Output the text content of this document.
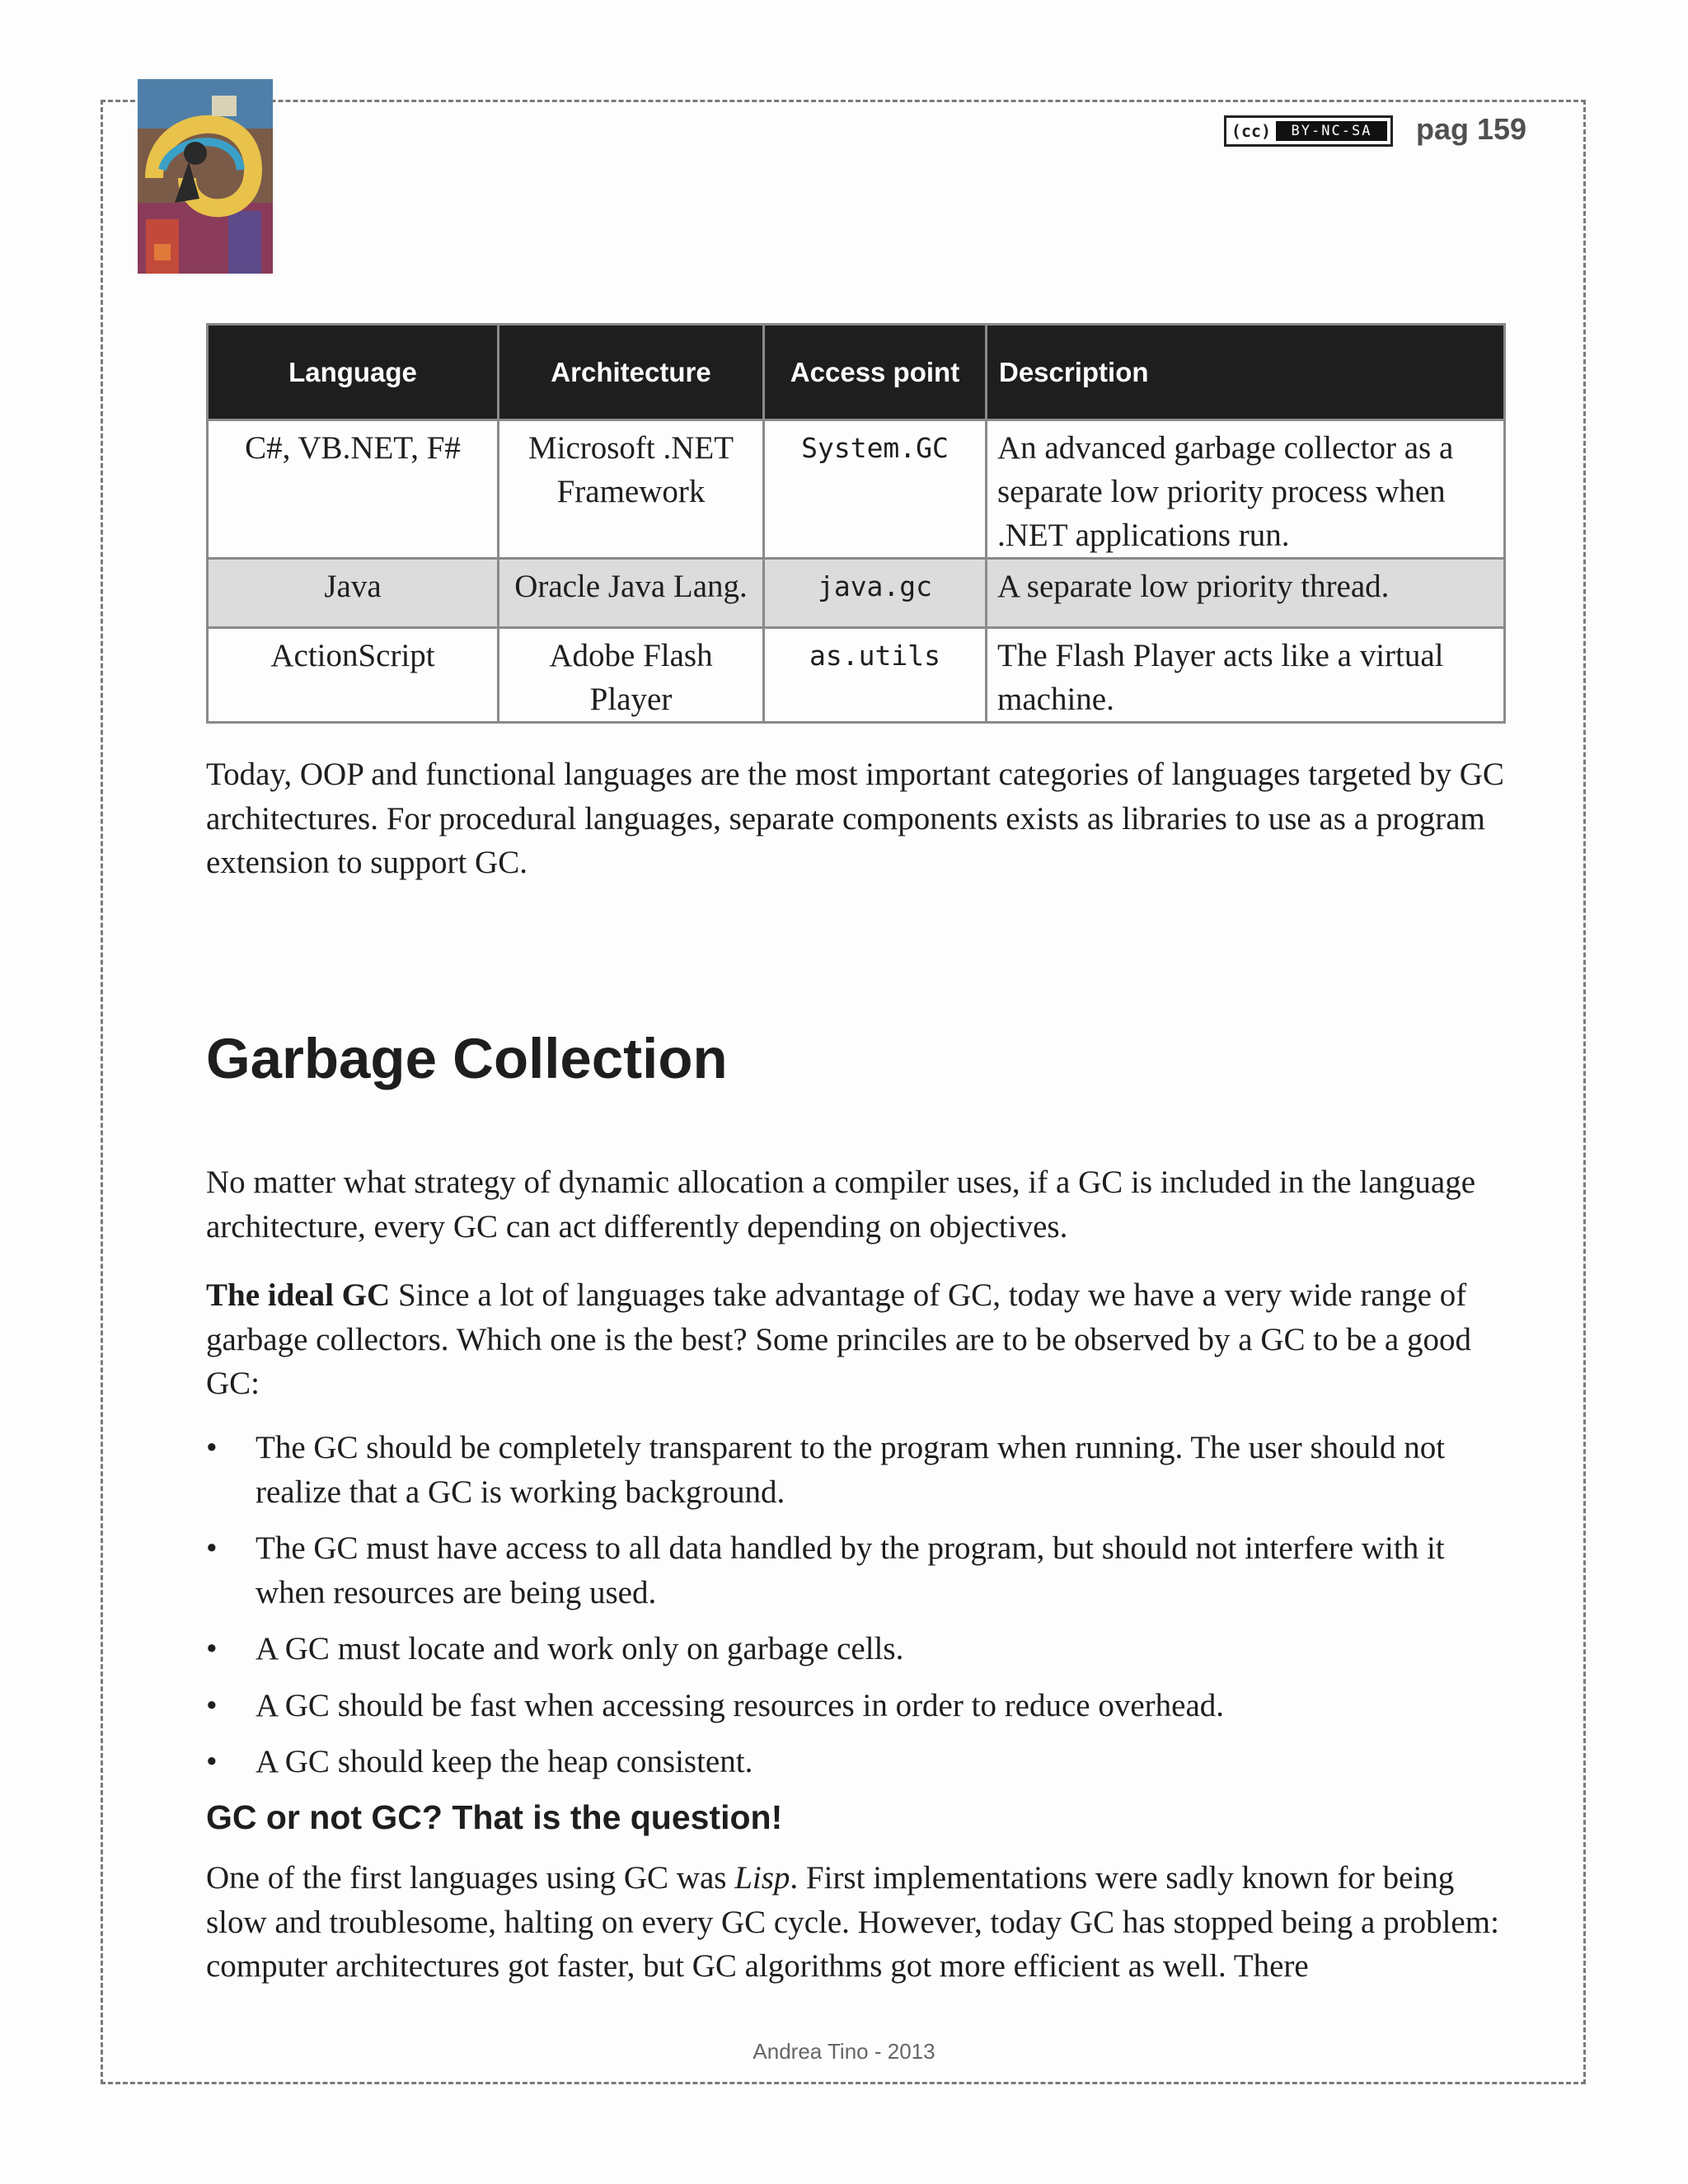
(cc)	BY-NC-SA	pag 159
Language	Architecture	Access point	Description
C#, VB.NET, F#	Microsoft .NET Framework	System.GC	An advanced garbage collector as a separate low priority process when .NET applications run.
Java	Oracle Java Lang.	java.gc	A separate low priority thread.
ActionScript	Adobe Flash Player	as.utils	The Flash Player acts like a virtual machine.

Today, OOP and functional languages are the most important categories of languages targeted by GC architectures. For procedural languages, separate components exists as libraries to use as a program extension to support GC.

Garbage Collection

No matter what strategy of dynamic allocation a compiler uses, if a GC is included in the language architecture, every GC can act differently depending on objectives.

The ideal GC Since a lot of languages take advantage of GC, today we have a very wide range of garbage collectors. Which one is the best? Some princiles are to be observed by a GC to be a good GC:

• The GC should be completely transparent to the program when running. The user should not realize that a GC is working background.
• The GC must have access to all data handled by the program, but should not interfere with it when resources are being used.
• A GC must locate and work only on garbage cells.
• A GC should be fast when accessing resources in order to reduce overhead.
• A GC should keep the heap consistent.
GC or not GC? That is the question!

One of the first languages using GC was Lisp. First implementations were sadly known for being slow and troublesome, halting on every GC cycle. However, today GC has stopped being a problem: computer architectures got faster, but GC algorithms got more efficient as well. There

Andrea Tino - 2013
